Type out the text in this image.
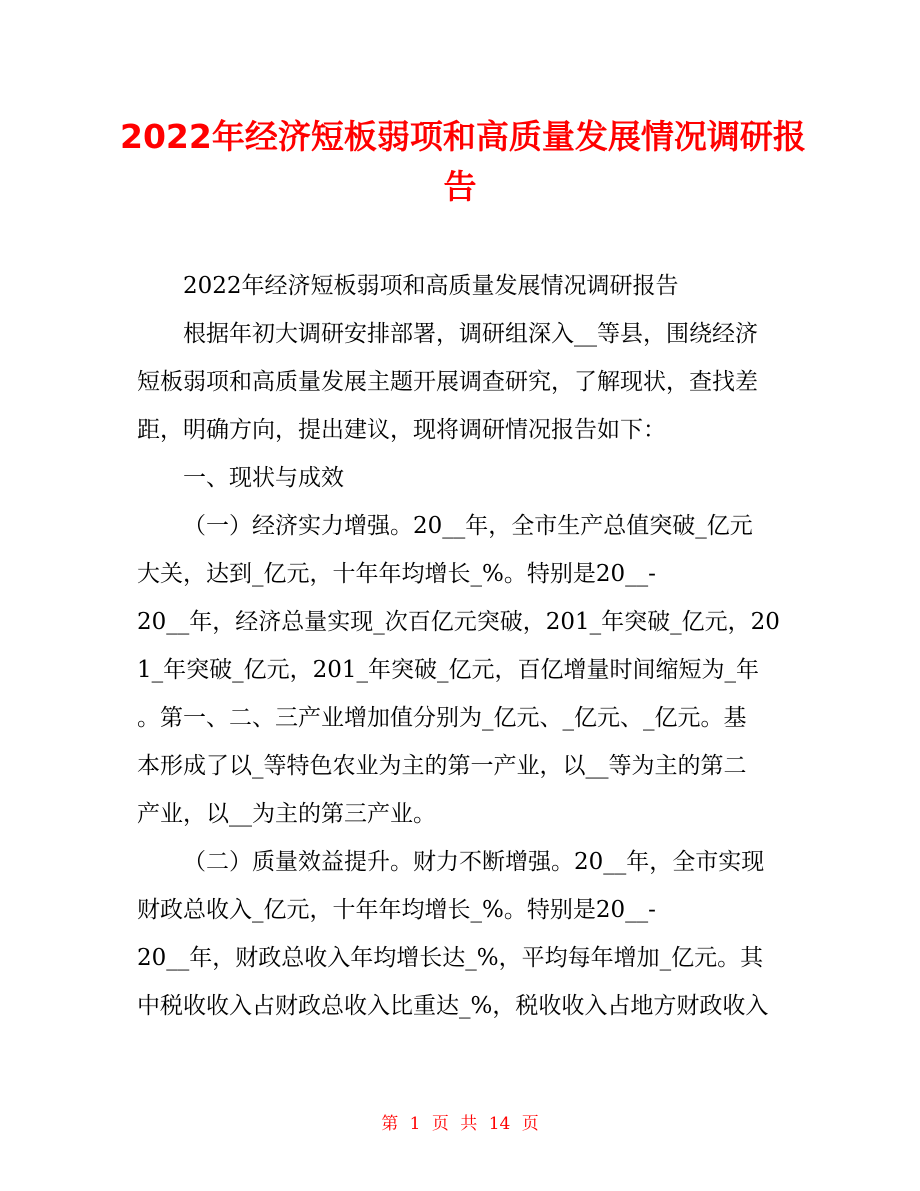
2022年经济短板弱项和高质量发展情况调研报
告
2022年经济短板弱项和高质量发展情况调研报告
根据年初大调研安排部署，调研组深入__等县，围绕经济
短板弱项和高质量发展主题开展调查研究，了解现状，查找差
距，明确方向，提出建议，现将调研情况报告如下：
一、现状与成效
（一）经济实力增强。20__年，全市生产总值突破_亿元
大关，达到_亿元，十年年均增长_%。特别是20__-
20__年，经济总量实现_次百亿元突破，201_年突破_亿元，20
1_年突破_亿元，201_年突破_亿元，百亿增量时间缩短为_年
。第一、二、三产业增加值分别为_亿元、_亿元、_亿元。基
本形成了以_等特色农业为主的第一产业，以__等为主的第二
产业，以__为主的第三产业。
（二）质量效益提升。财力不断增强。20__年，全市实现
财政总收入_亿元，十年年均增长_%。特别是20__-
20__年，财政总收入年均增长达_%，平均每年增加_亿元。其
中税收收入占财政总收入比重达_%，税收收入占地方财政收入
第 1 页 共 14 页
